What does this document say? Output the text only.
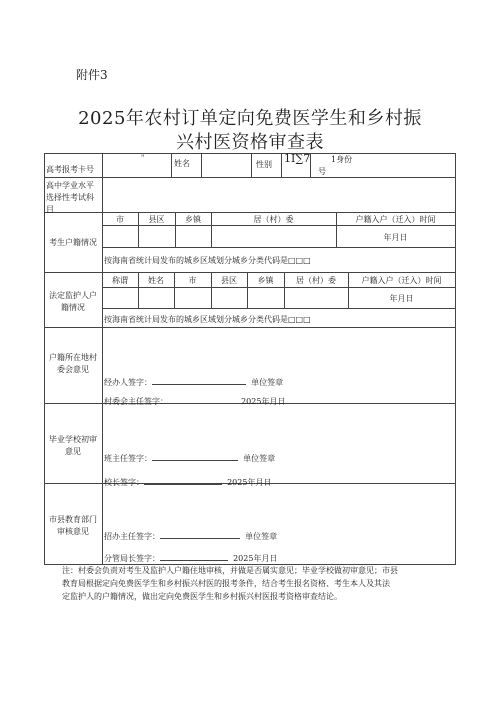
附件3
2025年农村订单定向免费医学生和乡村振
兴村医资格审查表
高考报考卡号
"
姓名	性别 1Ⅰ∑7	1身份
号
高中学业水平选择性考试科目
考生户籍情况
市	县区	乡镇	居（村）委	户籍入户（迁入）时间
年月日
按海南省统计局发布的城乡区域划分城乡分类代码是□□□
法定监护人户籍情况
称谓	姓名	市	县区	乡镇	居（村）委	户籍入户（迁入）时间
年月日
按海南省统计局发布的城乡区域划分城乡分类代码是□□□
户籍所在地村委会意见
经办人签字：	单位签章
村委会主任签字：	2025年月日
毕业学校初审意见
班主任签字：	单位签章
校长签字：	2025年月日
市县教育部门审核意见
招办主任签字：	单位签章
分管局长签字：	2025年月日
注：村委会负责对考生及监护人户籍住地审核，并做是否属实意见；毕业学校做初审意见；市县
教育局根据定向免费医学生和乡村振兴村医的报考条件，结合考生报名资格、考生本人及其法
定监护人的户籍情况，做出定向免费医学生和乡村振兴村医报考资格审查结论。
